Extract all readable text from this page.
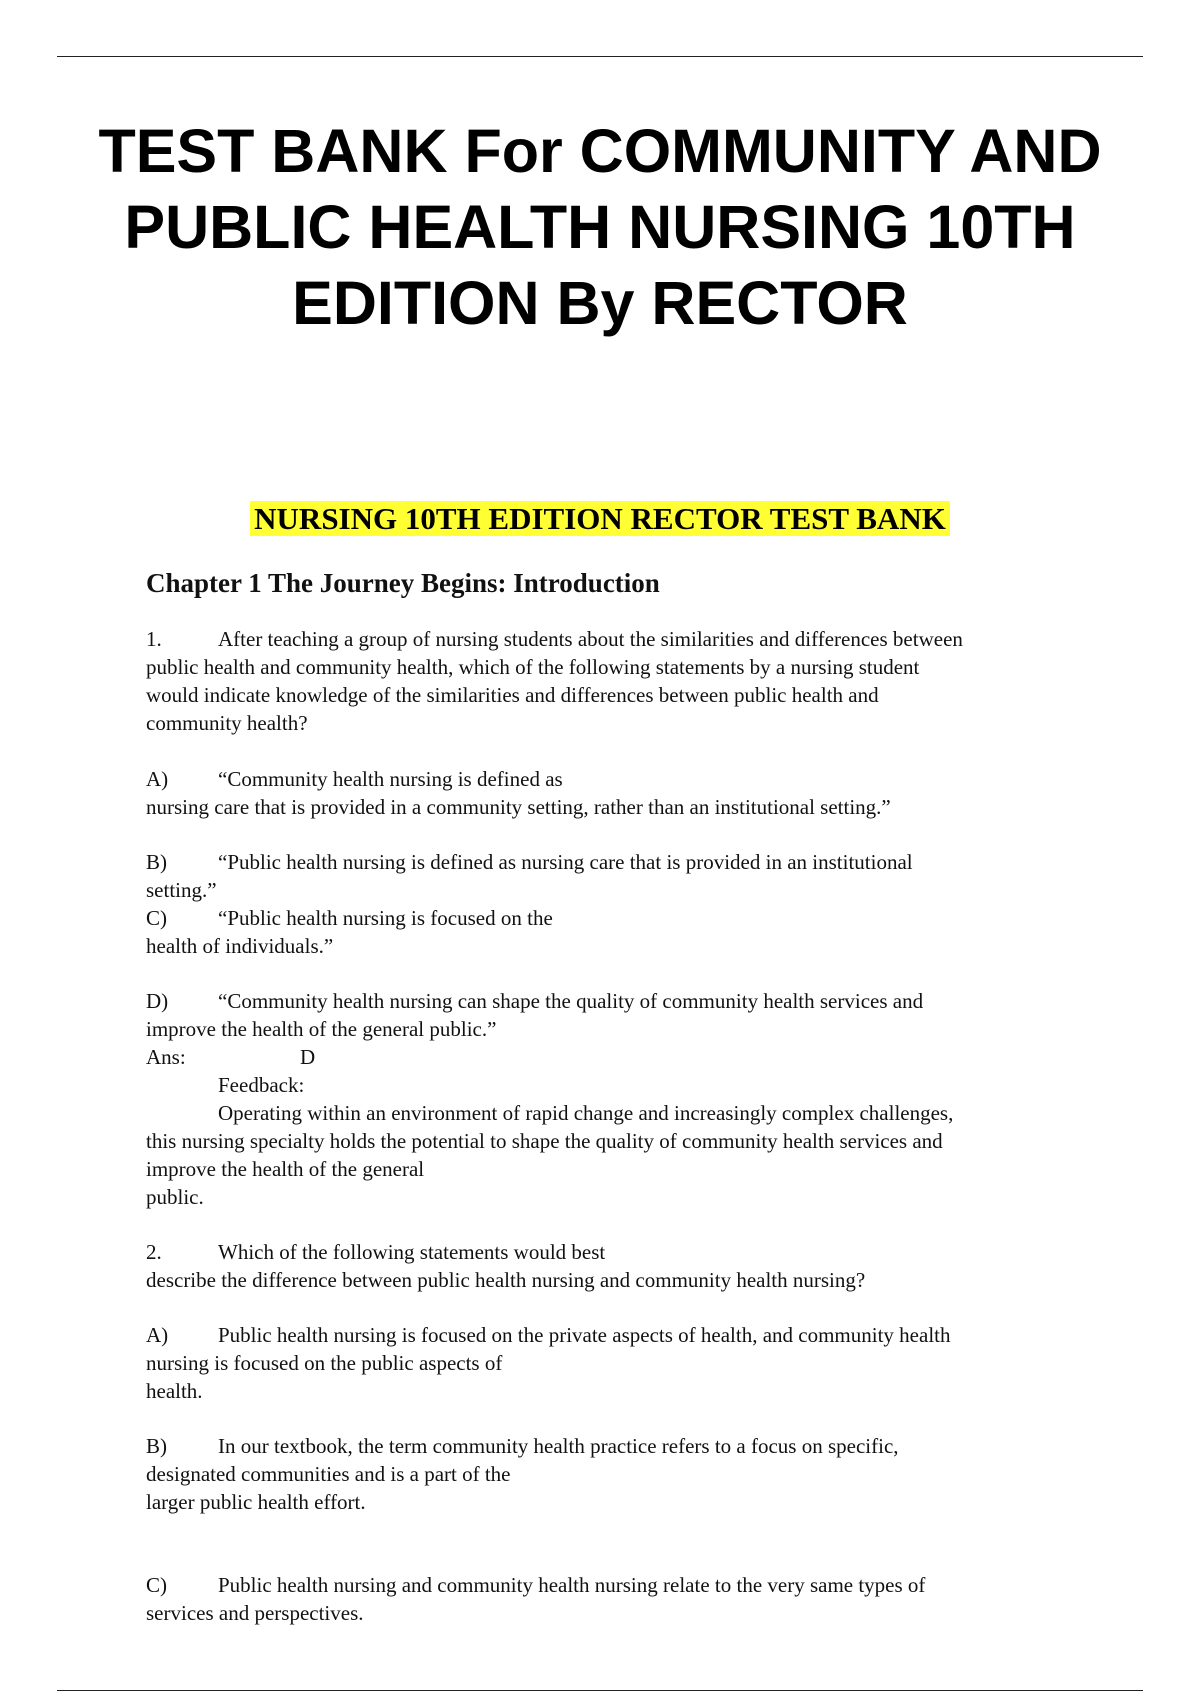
TEST BANK For COMMUNITY AND
PUBLIC HEALTH NURSING 10TH
EDITION By RECTOR
NURSING 10TH EDITION RECTOR TEST BANK
Chapter 1 The Journey Begins: Introduction
1.	After teaching a group of nursing students about the similarities and differences between
public health and community health, which of the following statements by a nursing student
would indicate knowledge of the similarities and differences between public health and
community health?
A) “Community health nursing is defined as
nursing care that is provided in a community setting, rather than an institutional setting.”
B) “Public health nursing is defined as nursing care that is provided in an institutional
setting.”
C) “Public health nursing is focused on the
health of individuals.”
D) “Community health nursing can shape the quality of community health services and
improve the health of the general public.”
Ans:	D
Feedback:
Operating within an environment of rapid change and increasingly complex challenges,
this nursing specialty holds the potential to shape the quality of community health services and
improve the health of the general
public.
2.	Which of the following statements would best
describe the difference between public health nursing and community health nursing?
A) Public health nursing is focused on the private aspects of health, and community health
nursing is focused on the public aspects of
health.
B) In our textbook, the term community health practice refers to a focus on specific,
designated communities and is a part of the
larger public health effort.
C) Public health nursing and community health nursing relate to the very same types of
services and perspectives.
